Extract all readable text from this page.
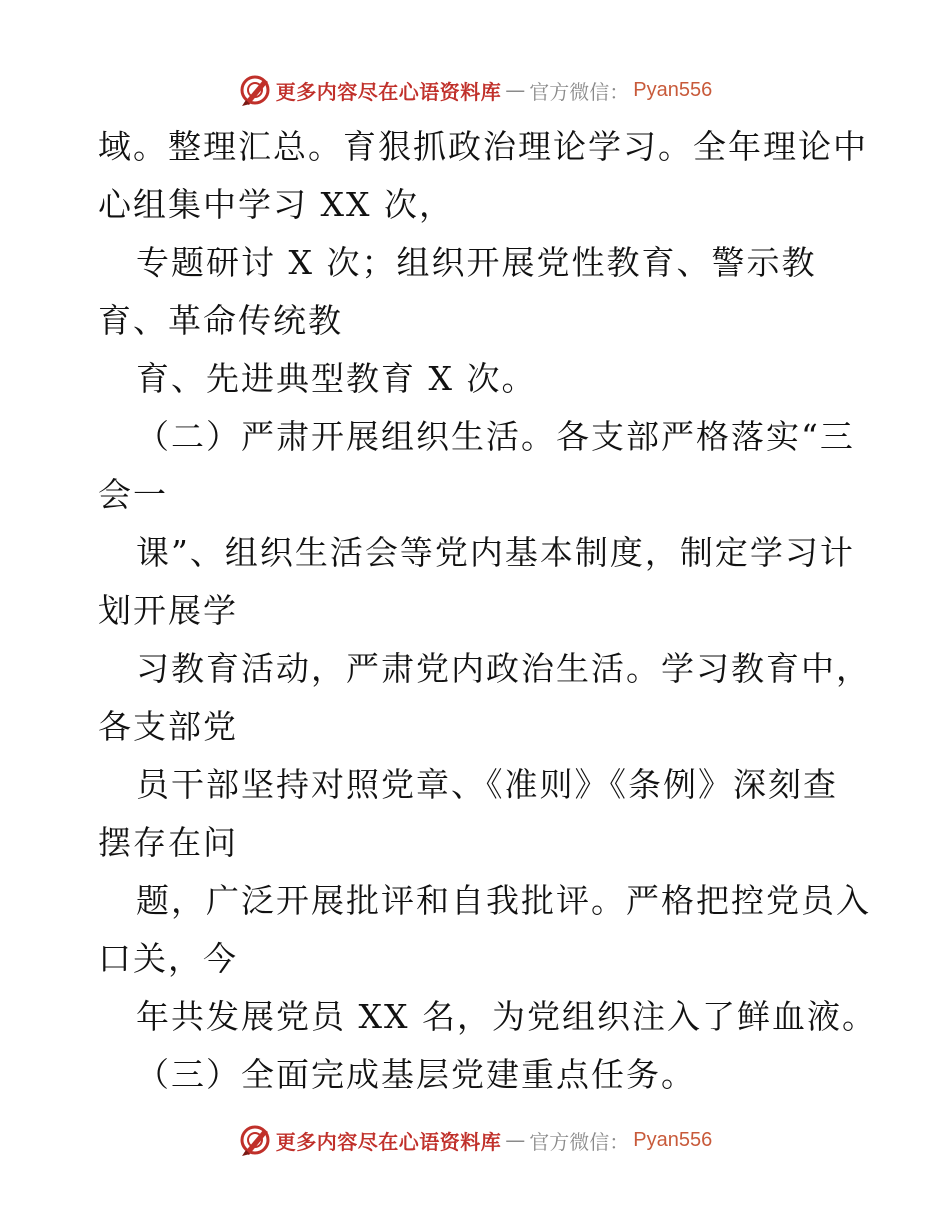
更多内容尽在心语资料库 — 官方微信： Pyan556
域。整理汇总。育狠抓政治理论学习。全年理论中
心组集中学习 XX 次，
专题研讨 X 次；组织开展党性教育、警示教
育、革命传统教
育、先进典型教育 X 次。
（二）严肃开展组织生活。各支部严格落实“三
会一
课”、组织生活会等党内基本制度，制定学习计
划开展学
习教育活动，严肃党内政治生活。学习教育中，
各支部党
员干部坚持对照党章、《准则》《条例》深刻查
摆存在问
题，广泛开展批评和自我批评。严格把控党员入
口关，今
年共发展党员 XX 名，为党组织注入了鲜血液。
（三）全面完成基层党建重点任务。
更多内容尽在心语资料库 — 官方微信： Pyan556
